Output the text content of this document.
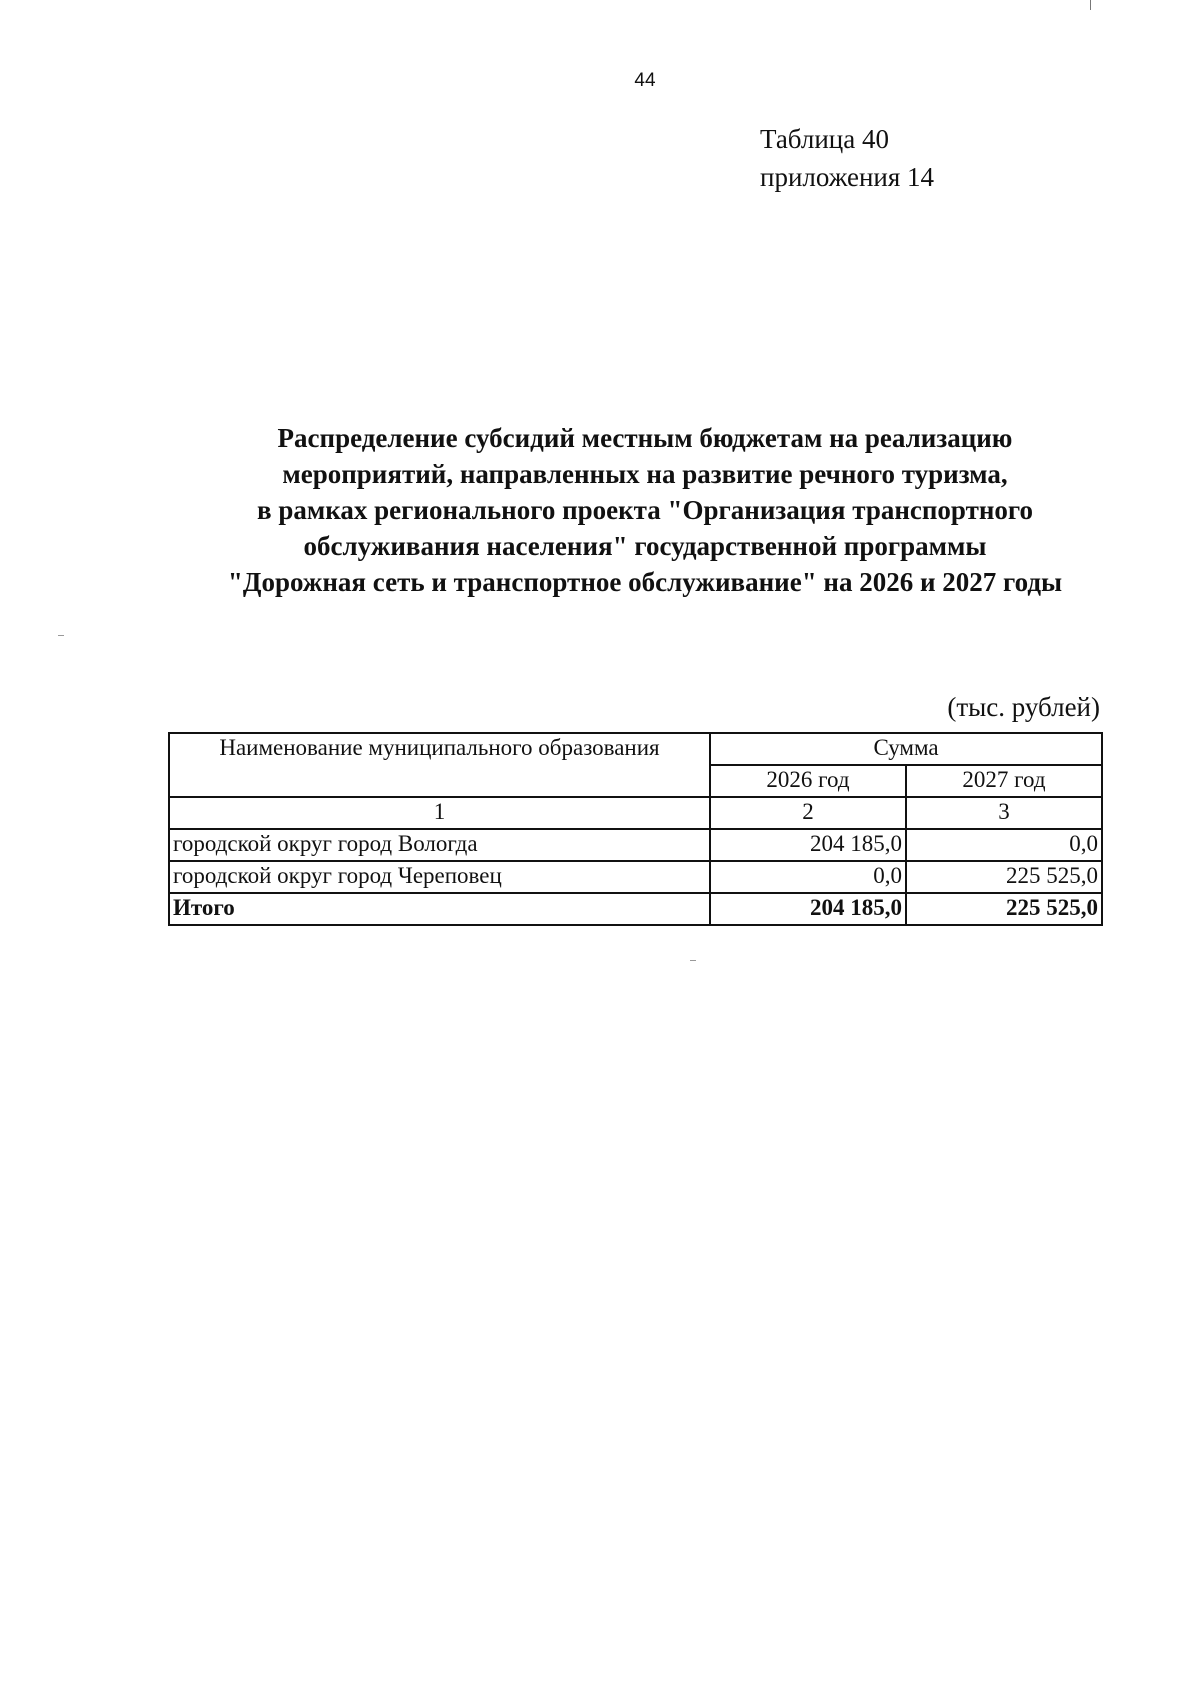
44
Таблица 40
приложения 14
Распределение субсидий местным бюджетам на реализацию
мероприятий, направленных на развитие речного туризма,
в рамках регионального проекта "Организация транспортного
обслуживания населения" государственной программы
"Дорожная сеть и транспортное обслуживание" на 2026 и 2027 годы
(тыс. рублей)
Наименование муниципального образования	Сумма	
	2026 год	2027 год
1	2	3
городской округ город Вологда	204 185,0	0,0
городской округ город Череповец	0,0	225 525,0
Итого	204 185,0	225 525,0
